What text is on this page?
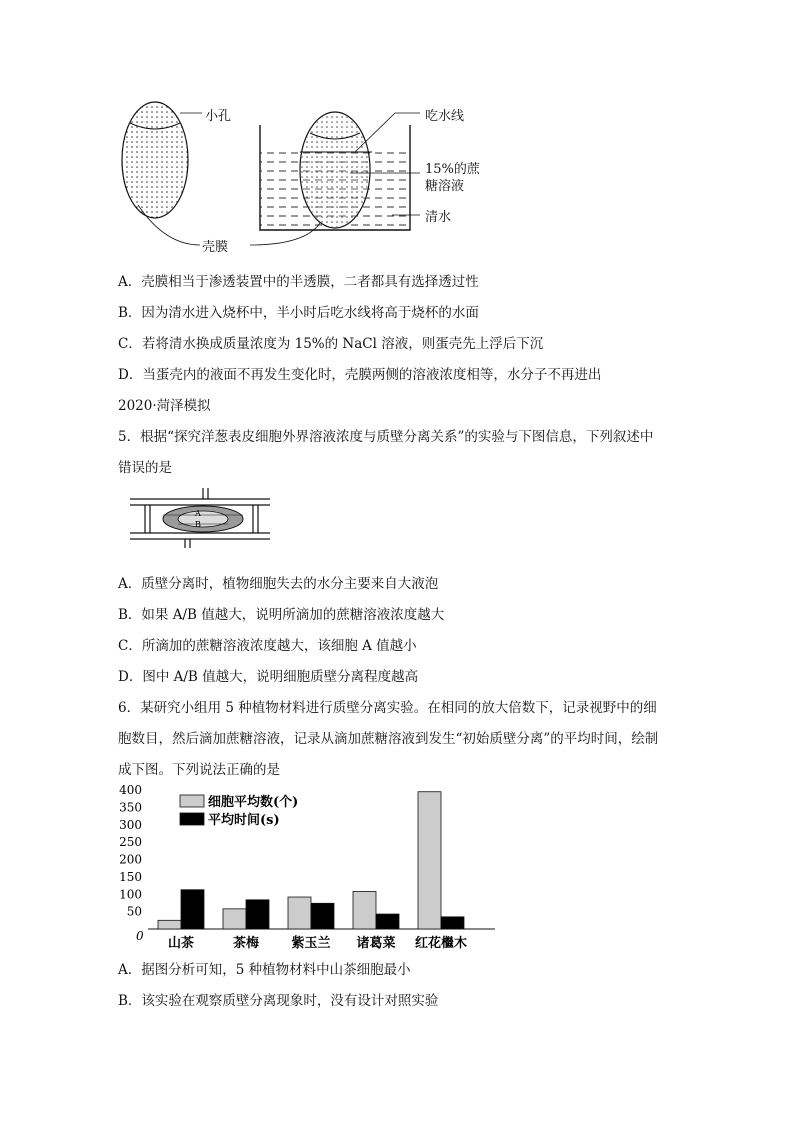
小孔	吃水线
15%的蔗
糖溶液
清水
壳膜
A．壳膜相当于渗透装置中的半透膜，二者都具有选择透过性
B．因为清水进入烧杯中，半小时后吃水线将高于烧杯的水面
C．若将清水换成质量浓度为 15%的 NaCl 溶液，则蛋壳先上浮后下沉
D．当蛋壳内的液面不再发生变化时，壳膜两侧的溶液浓度相等，水分子不再进出
2020·菏泽模拟
5．根据“探究洋葱表皮细胞外界溶液浓度与质壁分离关系”的实验与下图信息，下列叙述中
错误的是
A
B
A．质壁分离时，植物细胞失去的水分主要来自大液泡
B．如果 A/B 值越大，说明所滴加的蔗糖溶液浓度越大
C．所滴加的蔗糖溶液浓度越大，该细胞 A 值越小
D．图中 A/B 值越大，说明细胞质壁分离程度越高
6．某研究小组用 5 种植物材料进行质壁分离实验。在相同的放大倍数下，记录视野中的细
胞数目，然后滴加蔗糖溶液，记录从滴加蔗糖溶液到发生“初始质壁分离”的平均时间，绘制
成下图。下列说法正确的是
400
350
300
250
200
150
100
50
0 山茶	茶梅 紫玉兰 诸葛菜 红花檵木
细胞平均数(个)
平均时间(s)
A．据图分析可知，5 种植物材料中山茶细胞最小
B．该实验在观察质壁分离现象时，没有设计对照实验
